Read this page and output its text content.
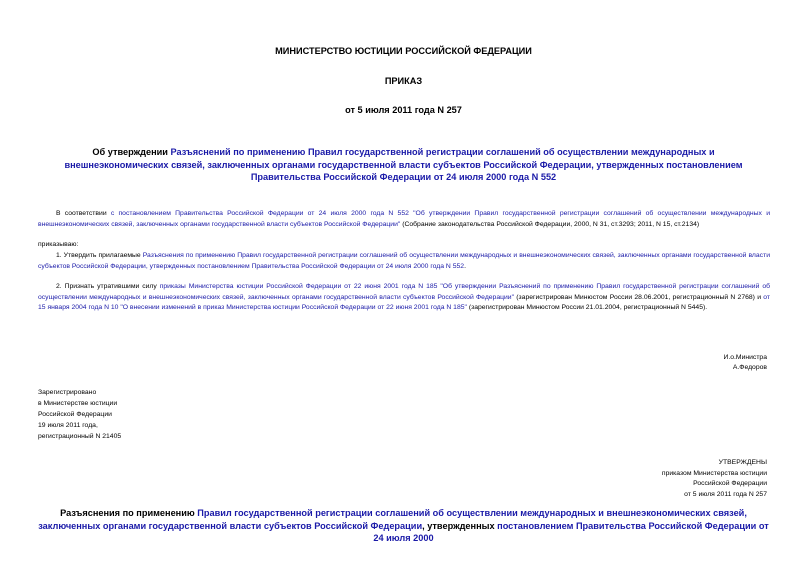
МИНИСТЕРСТВО ЮСТИЦИИ РОССИЙСКОЙ ФЕДЕРАЦИИ
ПРИКАЗ
от 5 июля 2011 года N 257
Об утверждении Разъяснений по применению Правил государственной регистрации соглашений об осуществлении международных и внешнеэкономических связей, заключенных органами государственной власти субъектов Российской Федерации, утвержденных постановлением Правительства Российской Федерации от 24 июля 2000 года N 552
В соответствии с постановлением Правительства Российской Федерации от 24 июля 2000 года N 552 "Об утверждении Правил государственной регистрации соглашений об осуществлении международных и внешнеэкономических связей, заключенных органами государственной власти субъектов Российской Федерации" (Собрание законодательства Российской Федерации, 2000, N 31, ст.3293; 2011, N 15, ст.2134)
приказываю:
1. Утвердить прилагаемые Разъяснения по применению Правил государственной регистрации соглашений об осуществлении международных и внешнеэкономических связей, заключенных органами государственной власти субъектов Российской Федерации, утвержденных постановлением Правительства Российской Федерации от 24 июля 2000 года N 552.
2. Признать утратившими силу приказы Министерства юстиции Российской Федерации от 22 июня 2001 года N 185 "Об утверждении Разъяснений по применению Правил государственной регистрации соглашений об осуществлении международных и внешнеэкономических связей, заключенных органами государственной власти субъектов Российской Федерации" (зарегистрирован Минюстом России 28.06.2001, регистрационный N 2768) и от 15 января 2004 года N 10 "О внесении изменений в приказ Министерства юстиции Российской Федерации от 22 июня 2001 года N 185" (зарегистрирован Минюстом России 21.01.2004, регистрационный N 5445).
И.о.Министра
А.Федоров
Зарегистрировано
в Министерстве юстиции
Российской Федерации
19 июля 2011 года,
регистрационный N 21405
УТВЕРЖДЕНЫ
приказом Министерства юстиции
Российской Федерации
от 5 июля 2011 года N 257
Разъяснения по применению Правил государственной регистрации соглашений об осуществлении международных и внешнеэкономических связей, заключенных органами государственной власти субъектов Российской Федерации, утвержденных постановлением Правительства Российской Федерации от 24 июля 2000
